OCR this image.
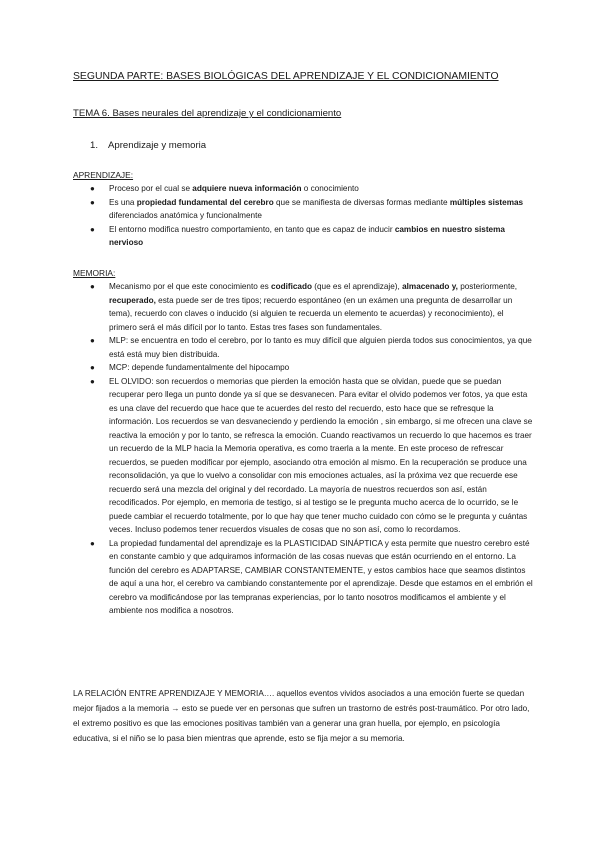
SEGUNDA PARTE: BASES BIOLÓGICAS DEL APRENDIZAJE Y EL CONDICIONAMIENTO
TEMA 6. Bases neurales del aprendizaje y el condicionamiento
1. Aprendizaje y memoria
APRENDIZAJE:
● Proceso por el cual se adquiere nueva información o conocimiento
● Es una propiedad fundamental del cerebro que se manifiesta de diversas formas mediante múltiples sistemas diferenciados anatómica y funcionalmente
● El entorno modifica nuestro comportamiento, en tanto que es capaz de inducir cambios en nuestro sistema nervioso
MEMORIA:
● Mecanismo por el que este conocimiento es codificado (que es el aprendizaje), almacenado y, posteriormente, recuperado, esta puede ser de tres tipos; recuerdo espontáneo (en un exámen una pregunta de desarrollar un tema), recuerdo con claves o inducido (si alguien te recuerda un elemento te acuerdas) y reconocimiento), el primero será el más difícil por lo tanto. Estas tres fases son fundamentales.
● MLP: se encuentra en todo el cerebro, por lo tanto es muy difícil que alguien pierda todos sus conocimientos, ya que está está muy bien distribuida.
● MCP: depende fundamentalmente del hipocampo
● EL OLVIDO: son recuerdos o memorias que pierden la emoción hasta que se olvidan, puede que se puedan recuperar pero llega un punto donde ya sí que se desvanecen. Para evitar el olvido podemos ver fotos, ya que esta es una clave del recuerdo que hace que te acuerdes del resto del recuerdo, esto hace que se refresque la información. Los recuerdos se van desvaneciendo y perdiendo la emoción , sin embargo, si me ofrecen una clave se reactiva la emoción y por lo tanto, se refresca la emoción. Cuando reactivamos un recuerdo lo que hacemos es traer un recuerdo de la MLP hacia la Memoria operativa, es como traerla a la mente. En este proceso de refrescar recuerdos, se pueden modificar por ejemplo, asociando otra emoción al mismo. En la recuperación se produce una reconsolidación, ya que lo vuelvo a consolidar con mis emociones actuales, así la próxima vez que recuerde ese recuerdo será una mezcla del original y del recordado. La mayoría de nuestros recuerdos son así, están recodificados. Por ejemplo, en memoria de testigo, si al testigo se le pregunta mucho acerca de lo ocurrido, se le puede cambiar el recuerdo totalmente, por lo que hay que tener mucho cuidado con cómo se le pregunta y cuántas veces. Incluso podemos tener recuerdos visuales de cosas que no son así, como lo recordamos.
● La propiedad fundamental del aprendizaje es la PLASTICIDAD SINÁPTICA y esta permite que nuestro cerebro esté en constante cambio y que adquiramos información de las cosas nuevas que están ocurriendo en el entorno. La función del cerebro es ADAPTARSE, CAMBIAR CONSTANTEMENTE, y estos cambios hace que seamos distintos de aquí a una hor, el cerebro va cambiando constantemente por el aprendizaje. Desde que estamos en el embrión el cerebro va modificándose por las tempranas experiencias, por lo tanto nosotros modificamos el ambiente y el ambiente nos modifica a nosotros.

LA RELACIÓN ENTRE APRENDIZAJE Y MEMORIA…. aquellos eventos vividos asociados a una emoción fuerte se quedan mejor fijados a la memoria → esto se puede ver en personas que sufren un trastorno de estrés post-traumático. Por otro lado, el extremo positivo es que las emociones positivas también van a generar una gran huella, por ejemplo, en psicología educativa, si el niño se lo pasa bien mientras que aprende, esto se fija mejor a su memoria.
